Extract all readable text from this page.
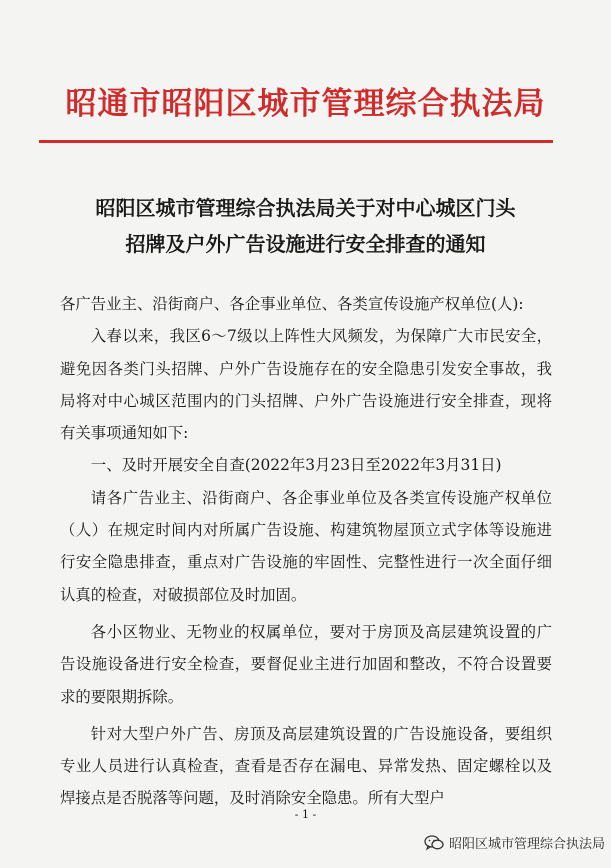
昭通市昭阳区城市管理综合执法局
昭阳区城市管理综合执法局关于对中心城区门头
招牌及户外广告设施进行安全排查的通知

各广告业主、沿街商户、各企事业单位、各类宣传设施产权单位(人):

入春以来，我区6～7级以上阵性大风频发，为保障广大市民安全，避免因各类门头招牌、户外广告设施存在的安全隐患引发安全事故，我局将对中心城区范围内的门头招牌、户外广告设施进行安全排查，现将有关事项通知如下:

一、及时开展安全自查(2022年3月23日至2022年3月31日)

请各广告业主、沿街商户、各企事业单位及各类宣传设施产权单位（人）在规定时间内对所属广告设施、构建筑物屋顶立式字体等设施进行安全隐患排查，重点对广告设施的牢固性、完整性进行一次全面仔细认真的检查，对破损部位及时加固。

各小区物业、无物业的权属单位，要对于房顶及高层建筑设置的广告设施设备进行安全检查，要督促业主进行加固和整改，不符合设置要求的要限期拆除。

针对大型户外广告、房顶及高层建筑设置的广告设施设备，要组织专业人员进行认真检查，查看是否存在漏电、异常发热、固定螺栓以及焊接点是否脱落等问题，及时消除安全隐患。所有大型户

- 1 -
昭阳区城市管理综合执法局
